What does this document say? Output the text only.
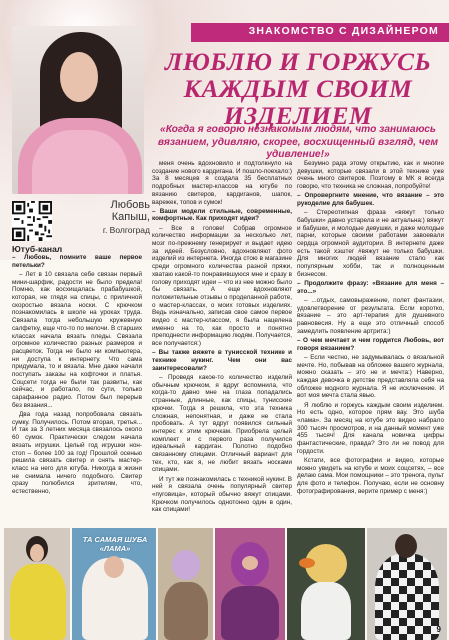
ЗНАКОМСТВО С ДИЗАЙНЕРОМ
ЛЮБЛЮ И ГОРЖУСЬ
КАЖДЫМ СВОИМ ИЗДЕЛИЕМ
«Когда я говорю незнакомым людям, что занимаюсь вязанием, удивляю, скорее, восхищенный взгляд, чем удивление!»
Любовь
Капыш,
г. Волгоград
Ютуб-канал

– Любовь, помните ваше первое петельки?

– Лет в 10 связала себе связан первый мини-шарфик, радости не было предела! Помню, как восхищалась прабабушкой, которая, не глядя на спицы, с приличной скоростью вязала носки. С крючком познакомилась в школе на уроках труда. Связала тогда небольшую кружевную салфетку, еще что-то по мелочи. В старших классах начала вязать пледы. Связала огромное количество разных размеров и расцветок. Тогда не было ни компьютера, ни доступа к интернету. Что сама придумала, то и вязала. Мне даже начали поступать заказы на кофточки и платья. Соцсети тогда не были так развиты, как сейчас, и работало, по сути, только сарафанное радио. Потом был перерыв без вязания...

Два года назад попробовала связать сумку. Получилось. Потом вторая, третья... И так за 3 летних месяца связалось около 60 сумок. Практически следом начала вязать игрушки. Целый год игрушки нон-стоп – более 100 за год! Прошлой осенью решила связать свитер и снять мастер-класс на него для ютуба. Никогда в жизни не снимала ничего подобного. Свитер сразу полюбился зрителям, что, естественно,

меня очень вдохновило и подтолкнуло на создание нового кардигана. И пошло-поехало:) За 8 месяцев я создала 35 бесплатных подробных мастер-классов на ютубе по вязанию свитеров, кардиганов, шапок, варежек, топов и сумок!

– Ваши модели стильные, современные, комфортные. Как приходят идеи?

– Все в голове! Собрав огромное количество информации за несколько лет, мозг по-прежнему генерирует и выдает идею за идеей. Безусловно, вдохновляют фото изделий из интернета. Иногда стою в магазине среди огромного количества разной пряжи, хватаю какой-то понравившуюся мне и сразу в голову приходят идеи – что из нее можно было бы связать. А еще вдохновляют положительные отзывы о проделанной работе, о мастер-классах, о моих готовых изделиях. Ведь изначально, записав свое самое первое видео с мастер-классом, я была нацелена именно на то, как просто и понятно преподнести информацию людям. Получается, все получается:)

– Вы также вяжете в тунисской технике и технике нукинг. Чем они вас заинтересовали?

– Проведя какое-то количество изделий обычным крючком, я вдруг вспомнила, что когда-то давно мне на глаза попадались странные, длинные, как спицы, тунисские крючки. Тогда я решила, что эта техника сложная, непонятная, и даже не стала пробовать. А тут вдруг появился сильный интерес к этим крючкам. Приобрела целый комплект и с первого раза получился идеальный кардиган. Полотно подобно связанному спицами. Отличный вариант для тех, кто, как я, не любит вязать носками спицами.

И тут же познакомилась с техникой нукинг. В ней я связала очень популярный свитер «пуговица», который обычно вяжут спицами. Крючком получилось однотонно один в один, как спицами!

Безумно рада этому открытию, как и многие девушки, которые связали в этой технике уже очень много свитеров. Поэтому в МК я всегда говорю, что техника не сложная, попробуйте!

– Опровергните мнение, что вязание – это рукоделие для бабушек.

– Стереотипная фраза «вяжут только бабушки» давно устарела и не актуальна:) вяжут и бабушки, и молодые девушки, и даже молодые парни, которые своими работами завоевали сердца огромной аудитории. В интернете даже есть такой хэштег #вяжут не только бабушки. Для многих людей вязание стало как популярным хобби, так и полноценным бизнесом.

– Продолжите фразу: «Вязание для меня – это...»

– ...отдых, самовыражение, полет фантазии, удовлетворение от результата. Если коротко, вязание – это арт-терапия для душевного равновесия. Ну а еще это отличный способ замедлить появление артрита:)

– О чем мечтает и чем гордится Любовь, вот говоря вязанием?

– Если честно, не задумывалась о вязальной мечте. Но, побывав на обложке вашего журнала, можно сказать – это не и мечта:) Наверно, каждая девочка в детстве представляла себя на обложке модного журнала. Я не исключение. И вот моя мечта стала явью.

Я люблю и горжусь каждым своим изделием. Но есть одно, которое прям вау. Это шуба «лама». За месяц на ютубе это видео набрало 300 тысяч просмотров, и на данный момент уже 455 тысяч! Для канала новичка цифры фантастические, правда? Это ли не повод для гордости.

Кстати, все фотографии и видео, которые можно увидеть на ютубе и моих соцсетях, – все делаю сама. Мои помощники – это тренога, пульт для фото и телефон. Получаю, если не основну фотографирования, верите пример с меня:)

ТА САМАЯ ШУБА «ЛАМА»
9
